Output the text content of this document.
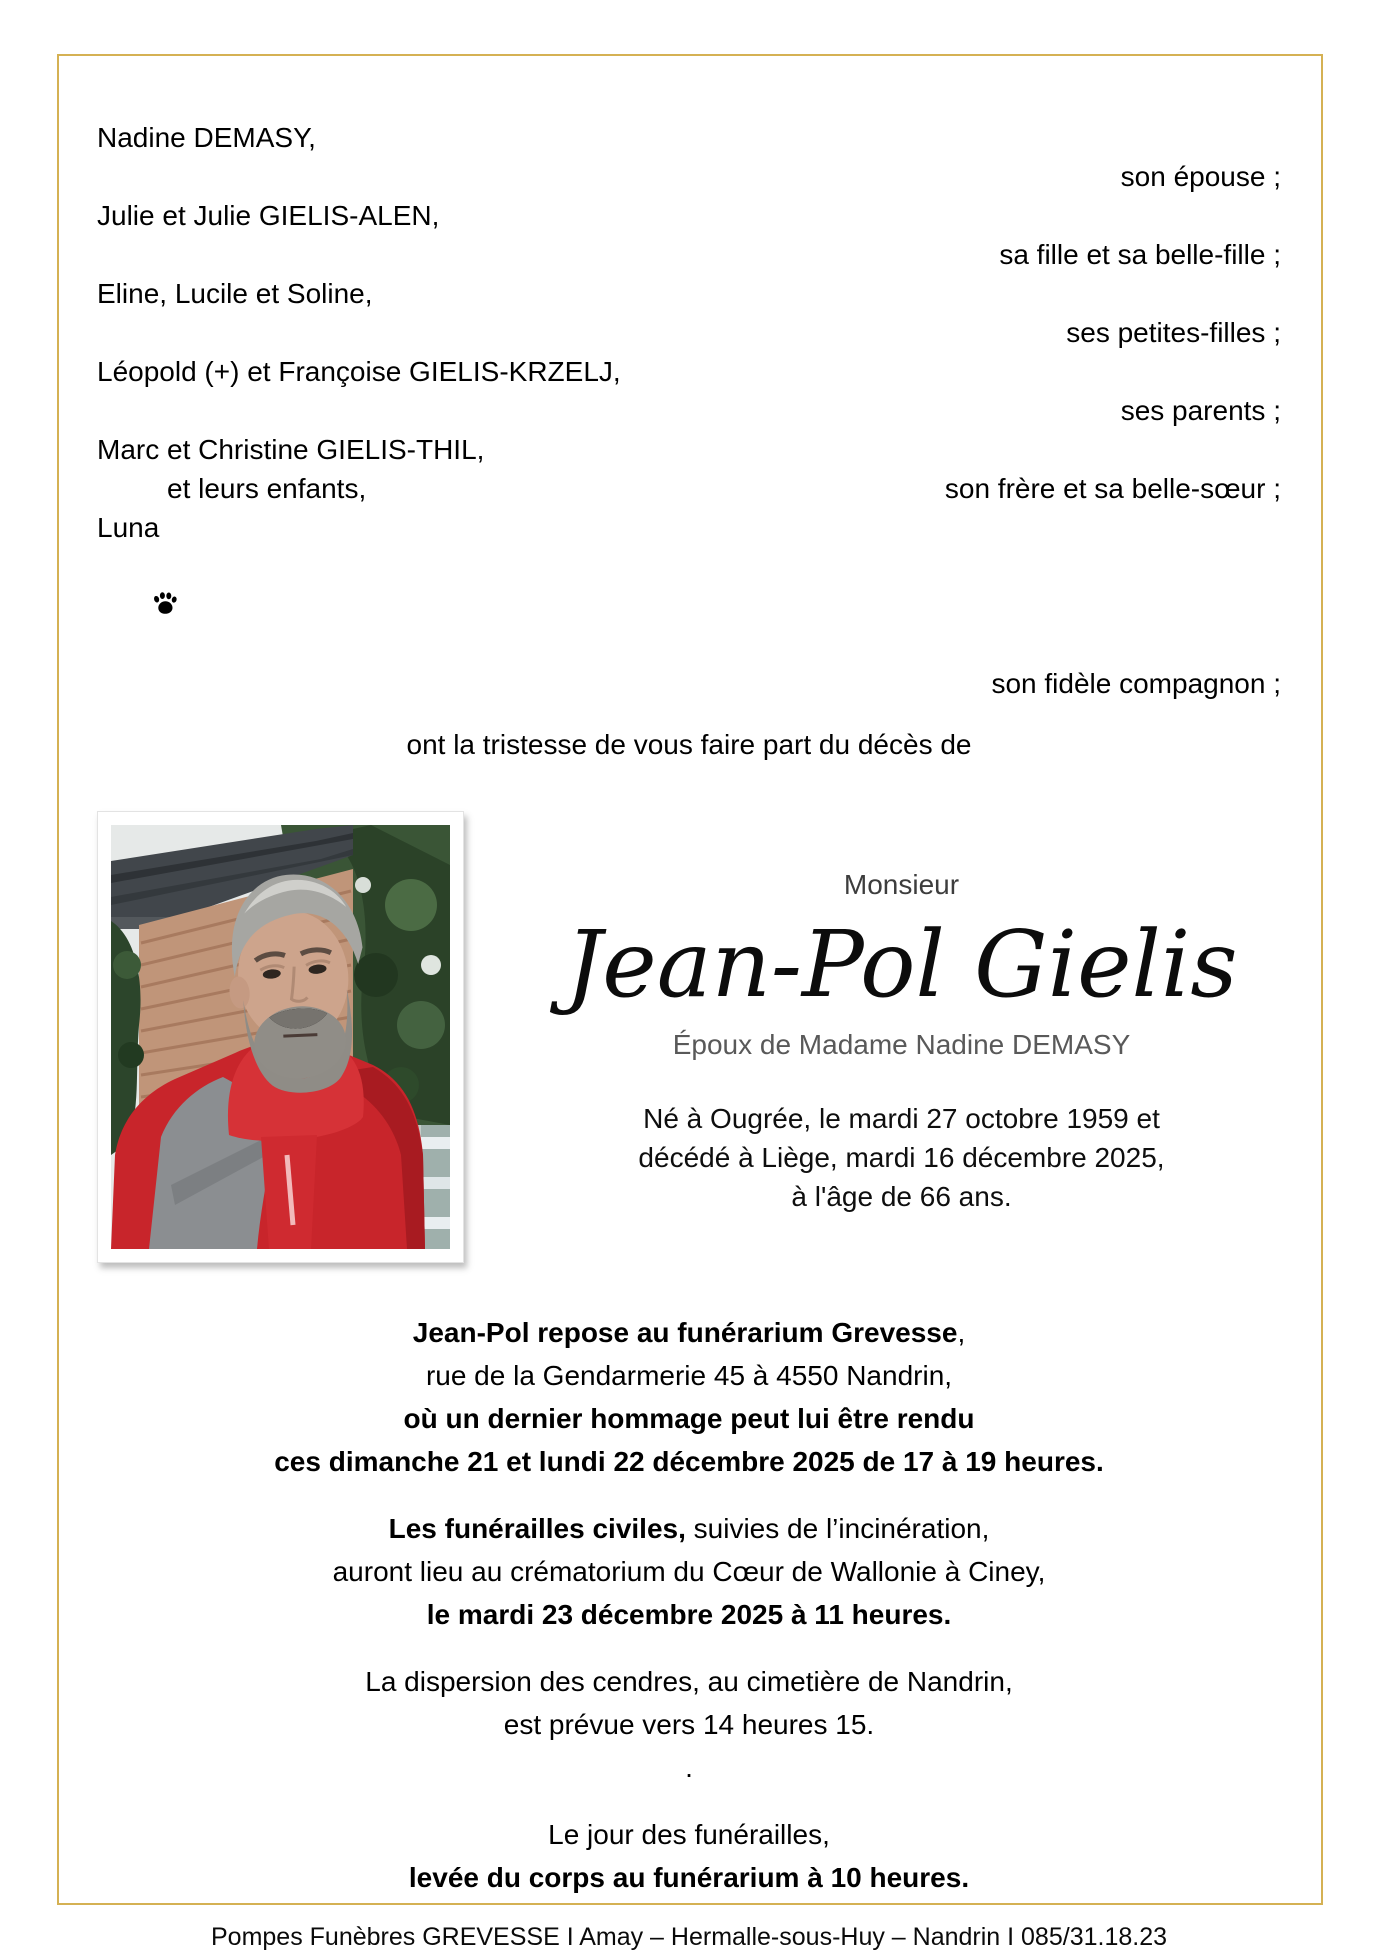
Nadine DEMASY,
son épouse ;
Julie et Julie GIELIS-ALEN,
sa fille et sa belle-fille ;
Eline, Lucile et Soline,
ses petites-filles ;
Léopold (+) et Françoise GIELIS-KRZELJ,
ses parents ;
Marc et Christine GIELIS-THIL,
et leurs enfants,	son frère et sa belle-sœur ;
Luna

son fidèle compagnon ;
ont la tristesse de vous faire part du décès de
Monsieur
Jean-Pol Gielis
Époux de Madame Nadine DEMASY
Né à Ougrée, le mardi 27 octobre 1959 et
décédé à Liège, mardi 16 décembre 2025,
à l'âge de 66 ans.
Jean-Pol repose au funérarium Grevesse,
rue de la Gendarmerie 45 à 4550 Nandrin,
où un dernier hommage peut lui être rendu
ces dimanche 21 et lundi 22 décembre 2025 de 17 à 19 heures.
Les funérailles civiles, suivies de l’incinération,
auront lieu au crématorium du Cœur de Wallonie à Ciney,
le mardi 23 décembre 2025 à 11 heures.
La dispersion des cendres, au cimetière de Nandrin,
est prévue vers 14 heures 15.
.
Le jour des funérailles,
levée du corps au funérarium à 10 heures.
Pompes Funèbres GREVESSE I Amay – Hermalle-sous-Huy – Nandrin I 085/31.18.23
